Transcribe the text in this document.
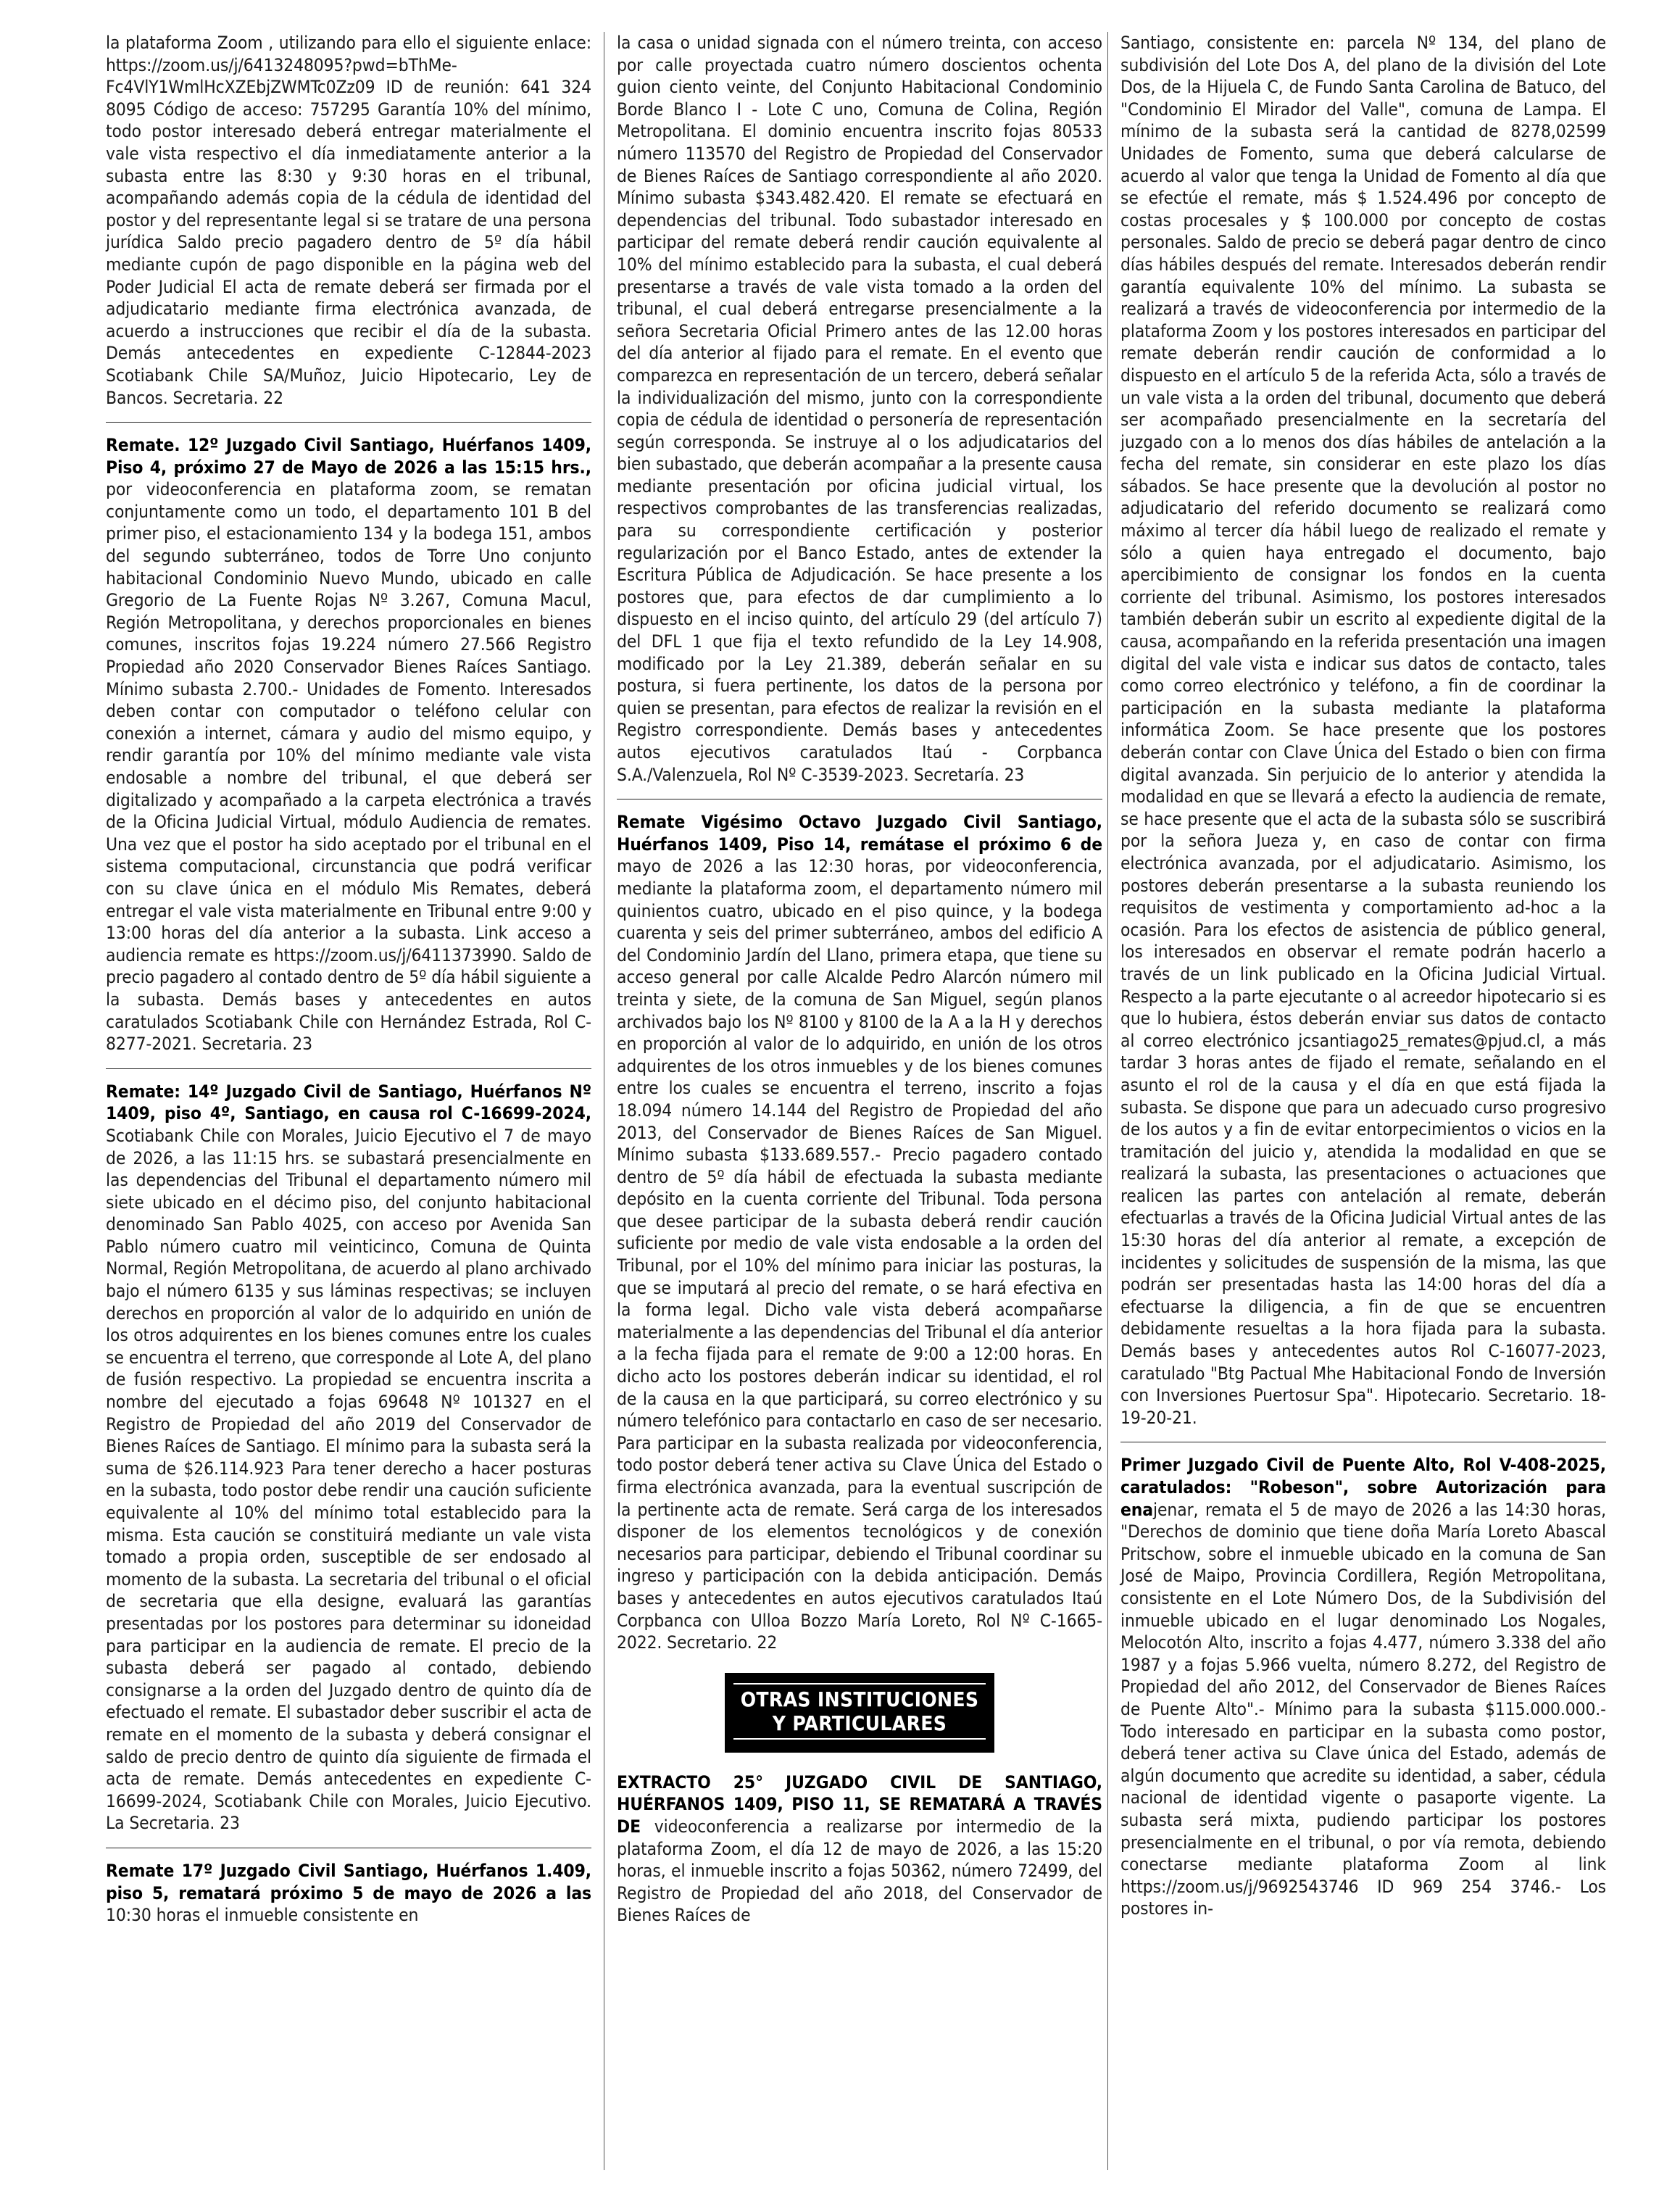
la plataforma Zoom , utilizando para ello el siguiente enlace: https://zoom.us/j/6413248095?pwd=bThMe-Fc4VlY1WmlHcXZEbjZWMTc0Zz09 ID de reunión: 641 324 8095 Código de acceso: 757295 Garantía 10% del mínimo, todo postor interesado deberá entregar materialmente el vale vista respectivo el día inmediatamente anterior a la subasta entre las 8:30 y 9:30 horas en el tribunal, acompañando además copia de la cédula de identidad del postor y del representante legal si se tratare de una persona jurídica Saldo precio pagadero dentro de 5º día hábil mediante cupón de pago disponible en la página web del Poder Judicial El acta de remate deberá ser firmada por el adjudicatario mediante firma electrónica avanzada, de acuerdo a instrucciones que recibir el día de la subasta. Demás antecedentes en expediente C-12844-2023 Scotiabank Chile SA/Muñoz, Juicio Hipotecario, Ley de Bancos. Secretaria. 22

Remate. 12º Juzgado Civil Santiago, Huérfanos 1409, Piso 4, próximo 27 de Mayo de 2026 a las 15:15 hrs., por videoconferencia en plataforma zoom, se rematan conjuntamente como un todo, el departamento 101 B del primer piso, el estacionamiento 134 y la bodega 151, ambos del segundo subterráneo, todos de Torre Uno conjunto habitacional Condominio Nuevo Mundo, ubicado en calle Gregorio de La Fuente Rojas Nº 3.267, Comuna Macul, Región Metropolitana, y derechos proporcionales en bienes comunes, inscritos fojas 19.224 número 27.566 Registro Propiedad año 2020 Conservador Bienes Raíces Santiago. Mínimo subasta 2.700.- Unidades de Fomento. Interesados deben contar con computador o teléfono celular con conexión a internet, cámara y audio del mismo equipo, y rendir garantía por 10% del mínimo mediante vale vista endosable a nombre del tribunal, el que deberá ser digitalizado y acompañado a la carpeta electrónica a través de la Oficina Judicial Virtual, módulo Audiencia de remates. Una vez que el postor ha sido aceptado por el tribunal en el sistema computacional, circunstancia que podrá verificar con su clave única en el módulo Mis Remates, deberá entregar el vale vista materialmente en Tribunal entre 9:00 y 13:00 horas del día anterior a la subasta. Link acceso a audiencia remate es https://zoom.us/j/6411373990. Saldo de precio pagadero al contado dentro de 5º día hábil siguiente a la subasta. Demás bases y antecedentes en autos caratulados Scotiabank Chile con Hernández Estrada, Rol C-8277-2021. Secretaria. 23

Remate: 14º Juzgado Civil de Santiago, Huérfanos Nº 1409, piso 4º, Santiago, en causa rol C-16699-2024, Scotiabank Chile con Morales, Juicio Ejecutivo el 7 de mayo de 2026, a las 11:15 hrs. se subastará presencialmente en las dependencias del Tribunal el departamento número mil siete ubicado en el décimo piso, del conjunto habitacional denominado San Pablo 4025, con acceso por Avenida San Pablo número cuatro mil veinticinco, Comuna de Quinta Normal, Región Metropolitana, de acuerdo al plano archivado bajo el número 6135 y sus láminas respectivas; se incluyen derechos en proporción al valor de lo adquirido en unión de los otros adquirentes en los bienes comunes entre los cuales se encuentra el terreno, que corresponde al Lote A, del plano de fusión respectivo. La propiedad se encuentra inscrita a nombre del ejecutado a fojas 69648 Nº 101327 en el Registro de Propiedad del año 2019 del Conservador de Bienes Raíces de Santiago. El mínimo para la subasta será la suma de $26.114.923 Para tener derecho a hacer posturas en la subasta, todo postor debe rendir una caución suficiente equivalente al 10% del mínimo total establecido para la misma. Esta caución se constituirá mediante un vale vista tomado a propia orden, susceptible de ser endosado al momento de la subasta. La secretaria del tribunal o el oficial de secretaria que ella designe, evaluará las garantías presentadas por los postores para determinar su idoneidad para participar en la audiencia de remate. El precio de la subasta deberá ser pagado al contado, debiendo consignarse a la orden del Juzgado dentro de quinto día de efectuado el remate. El subastador deber suscribir el acta de remate en el momento de la subasta y deberá consignar el saldo de precio dentro de quinto día siguiente de firmada el acta de remate. Demás antecedentes en expediente C-16699-2024, Scotiabank Chile con Morales, Juicio Ejecutivo. La Secretaria. 23

Remate 17º Juzgado Civil Santiago, Huérfanos 1.409, piso 5, rematará próximo 5 de mayo de 2026 a las 10:30 horas el inmueble consistente en

la casa o unidad signada con el número treinta, con acceso por calle proyectada cuatro número doscientos ochenta guion ciento veinte, del Conjunto Habitacional Condominio Borde Blanco I - Lote C uno, Comuna de Colina, Región Metropolitana. El dominio encuentra inscrito fojas 80533 número 113570 del Registro de Propiedad del Conservador de Bienes Raíces de Santiago correspondiente al año 2020. Mínimo subasta $343.482.420. El remate se efectuará en dependencias del tribunal. Todo subastador interesado en participar del remate deberá rendir caución equivalente al 10% del mínimo establecido para la subasta, el cual deberá presentarse a través de vale vista tomado a la orden del tribunal, el cual deberá entregarse presencialmente a la señora Secretaria Oficial Primero antes de las 12.00 horas del día anterior al fijado para el remate. En el evento que comparezca en representación de un tercero, deberá señalar la individualización del mismo, junto con la correspondiente copia de cédula de identidad o personería de representación según corresponda. Se instruye al o los adjudicatarios del bien subastado, que deberán acompañar a la presente causa mediante presentación por oficina judicial virtual, los respectivos comprobantes de las transferencias realizadas, para su correspondiente certificación y posterior regularización por el Banco Estado, antes de extender la Escritura Pública de Adjudicación. Se hace presente a los postores que, para efectos de dar cumplimiento a lo dispuesto en el inciso quinto, del artículo 29 (del artículo 7) del DFL 1 que fija el texto refundido de la Ley 14.908, modificado por la Ley 21.389, deberán señalar en su postura, si fuera pertinente, los datos de la persona por quien se presentan, para efectos de realizar la revisión en el Registro correspondiente. Demás bases y antecedentes autos ejecutivos caratulados Itaú - Corpbanca S.A./Valenzuela, Rol Nº C-3539-2023. Secretaría. 23

Remate Vigésimo Octavo Juzgado Civil Santiago, Huérfanos 1409, Piso 14, remátase el próximo 6 de mayo de 2026 a las 12:30 horas, por videoconferencia, mediante la plataforma zoom, el departamento número mil quinientos cuatro, ubicado en el piso quince, y la bodega cuarenta y seis del primer subterráneo, ambos del edificio A del Condominio Jardín del Llano, primera etapa, que tiene su acceso general por calle Alcalde Pedro Alarcón número mil treinta y siete, de la comuna de San Miguel, según planos archivados bajo los Nº 8100 y 8100 de la A a la H y derechos en proporción al valor de lo adquirido, en unión de los otros adquirentes de los otros inmuebles y de los bienes comunes entre los cuales se encuentra el terreno, inscrito a fojas 18.094 número 14.144 del Registro de Propiedad del año 2013, del Conservador de Bienes Raíces de San Miguel. Mínimo subasta $133.689.557.- Precio pagadero contado dentro de 5º día hábil de efectuada la subasta mediante depósito en la cuenta corriente del Tribunal. Toda persona que desee participar de la subasta deberá rendir caución suficiente por medio de vale vista endosable a la orden del Tribunal, por el 10% del mínimo para iniciar las posturas, la que se imputará al precio del remate, o se hará efectiva en la forma legal. Dicho vale vista deberá acompañarse materialmente a las dependencias del Tribunal el día anterior a la fecha fijada para el remate de 9:00 a 12:00 horas. En dicho acto los postores deberán indicar su identidad, el rol de la causa en la que participará, su correo electrónico y su número telefónico para contactarlo en caso de ser necesario. Para participar en la subasta realizada por videoconferencia, todo postor deberá tener activa su Clave Única del Estado o firma electrónica avanzada, para la eventual suscripción de la pertinente acta de remate. Será carga de los interesados disponer de los elementos tecnológicos y de conexión necesarios para participar, debiendo el Tribunal coordinar su ingreso y participación con la debida anticipación. Demás bases y antecedentes en autos ejecutivos caratulados Itaú Corpbanca con Ulloa Bozzo María Loreto, Rol Nº C-1665-2022. Secretario. 22

OTRAS INSTITUCIONES
Y PARTICULARES

EXTRACTO 25° JUZGADO CIVIL DE SANTIAGO, HUÉRFANOS 1409, PISO 11, SE REMATARÁ A TRAVÉS DE videoconferencia a realizarse por intermedio de la plataforma Zoom, el día 12 de mayo de 2026, a las 15:20 horas, el inmueble inscrito a fojas 50362, número 72499, del Registro de Propiedad del año 2018, del Conservador de Bienes Raíces de

Santiago, consistente en: parcela Nº 134, del plano de subdivisión del Lote Dos A, del plano de la división del Lote Dos, de la Hijuela C, de Fundo Santa Carolina de Batuco, del "Condominio El Mirador del Valle", comuna de Lampa. El mínimo de la subasta será la cantidad de 8278,02599 Unidades de Fomento, suma que deberá calcularse de acuerdo al valor que tenga la Unidad de Fomento al día que se efectúe el remate, más $ 1.524.496 por concepto de costas procesales y $ 100.000 por concepto de costas personales. Saldo de precio se deberá pagar dentro de cinco días hábiles después del remate. Interesados deberán rendir garantía equivalente 10% del mínimo. La subasta se realizará a través de videoconferencia por intermedio de la plataforma Zoom y los postores interesados en participar del remate deberán rendir caución de conformidad a lo dispuesto en el artículo 5 de la referida Acta, sólo a través de un vale vista a la orden del tribunal, documento que deberá ser acompañado presencialmente en la secretaría del juzgado con a lo menos dos días hábiles de antelación a la fecha del remate, sin considerar en este plazo los días sábados. Se hace presente que la devolución al postor no adjudicatario del referido documento se realizará como máximo al tercer día hábil luego de realizado el remate y sólo a quien haya entregado el documento, bajo apercibimiento de consignar los fondos en la cuenta corriente del tribunal. Asimismo, los postores interesados también deberán subir un escrito al expediente digital de la causa, acompañando en la referida presentación una imagen digital del vale vista e indicar sus datos de contacto, tales como correo electrónico y teléfono, a fin de coordinar la participación en la subasta mediante la plataforma informática Zoom. Se hace presente que los postores deberán contar con Clave Única del Estado o bien con firma digital avanzada. Sin perjuicio de lo anterior y atendida la modalidad en que se llevará a efecto la audiencia de remate, se hace presente que el acta de la subasta sólo se suscribirá por la señora Jueza y, en caso de contar con firma electrónica avanzada, por el adjudicatario. Asimismo, los postores deberán presentarse a la subasta reuniendo los requisitos de vestimenta y comportamiento ad-hoc a la ocasión. Para los efectos de asistencia de público general, los interesados en observar el remate podrán hacerlo a través de un link publicado en la Oficina Judicial Virtual. Respecto a la parte ejecutante o al acreedor hipotecario si es que lo hubiera, éstos deberán enviar sus datos de contacto al correo electrónico jcsantiago25_remates@pjud.cl, a más tardar 3 horas antes de fijado el remate, señalando en el asunto el rol de la causa y el día en que está fijada la subasta. Se dispone que para un adecuado curso progresivo de los autos y a fin de evitar entorpecimientos o vicios en la tramitación del juicio y, atendida la modalidad en que se realizará la subasta, las presentaciones o actuaciones que realicen las partes con antelación al remate, deberán efectuarlas a través de la Oficina Judicial Virtual antes de las 15:30 horas del día anterior al remate, a excepción de incidentes y solicitudes de suspensión de la misma, las que podrán ser presentadas hasta las 14:00 horas del día a efectuarse la diligencia, a fin de que se encuentren debidamente resueltas a la hora fijada para la subasta. Demás bases y antecedentes autos Rol C-16077-2023, caratulado "Btg Pactual Mhe Habitacional Fondo de Inversión con Inversiones Puertosur Spa". Hipotecario. Secretario. 18-19-20-21.

Primer Juzgado Civil de Puente Alto, Rol V-408-2025, caratulados: "Robeson", sobre Autorización para enajenar, remata el 5 de mayo de 2026 a las 14:30 horas, "Derechos de dominio que tiene doña María Loreto Abascal Pritschow, sobre el inmueble ubicado en la comuna de San José de Maipo, Provincia Cordillera, Región Metropolitana, consistente en el Lote Número Dos, de la Subdivisión del inmueble ubicado en el lugar denominado Los Nogales, Melocotón Alto, inscrito a fojas 4.477, número 3.338 del año 1987 y a fojas 5.966 vuelta, número 8.272, del Registro de Propiedad del año 2012, del Conservador de Bienes Raíces de Puente Alto".- Mínimo para la subasta $115.000.000.- Todo interesado en participar en la subasta como postor, deberá tener activa su Clave única del Estado, además de algún documento que acredite su identidad, a saber, cédula nacional de identidad vigente o pasaporte vigente. La subasta será mixta, pudiendo participar los postores presencialmente en el tribunal, o por vía remota, debiendo conectarse mediante plataforma Zoom al link https://zoom.us/j/9692543746 ID 969 254 3746.- Los postores in-
